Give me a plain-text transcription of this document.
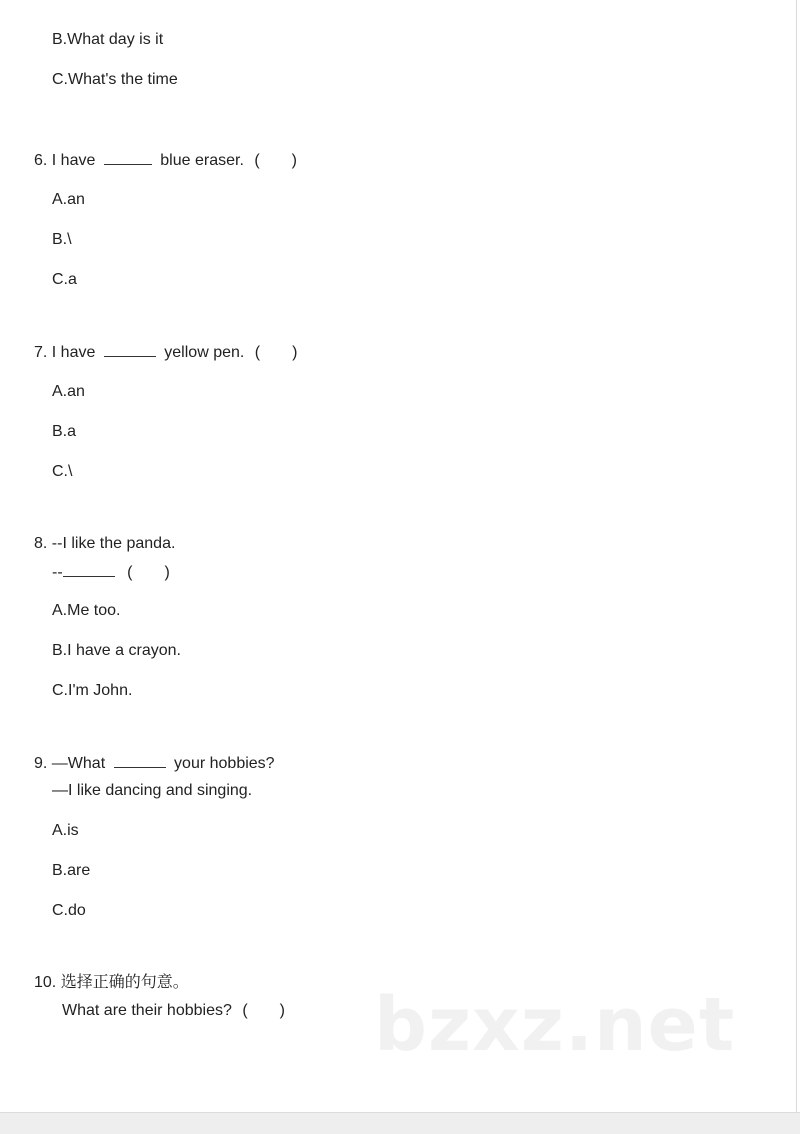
B.What day is it
C.What's the time
6. I have	blue eraser. (　　)
A.an
B.\
C.a
7. I have	yellow pen. (　　)
A.an
B.a
C.\
8. --I like the panda.
--	(　　)
A.Me too.
B.I have a crayon.
C.I'm John.
9. —What	your hobbies?
—I like dancing and singing.
A.is
B.are
C.do
10. 选择正确的句意。
What are their hobbies? (　　) bzxz.net
